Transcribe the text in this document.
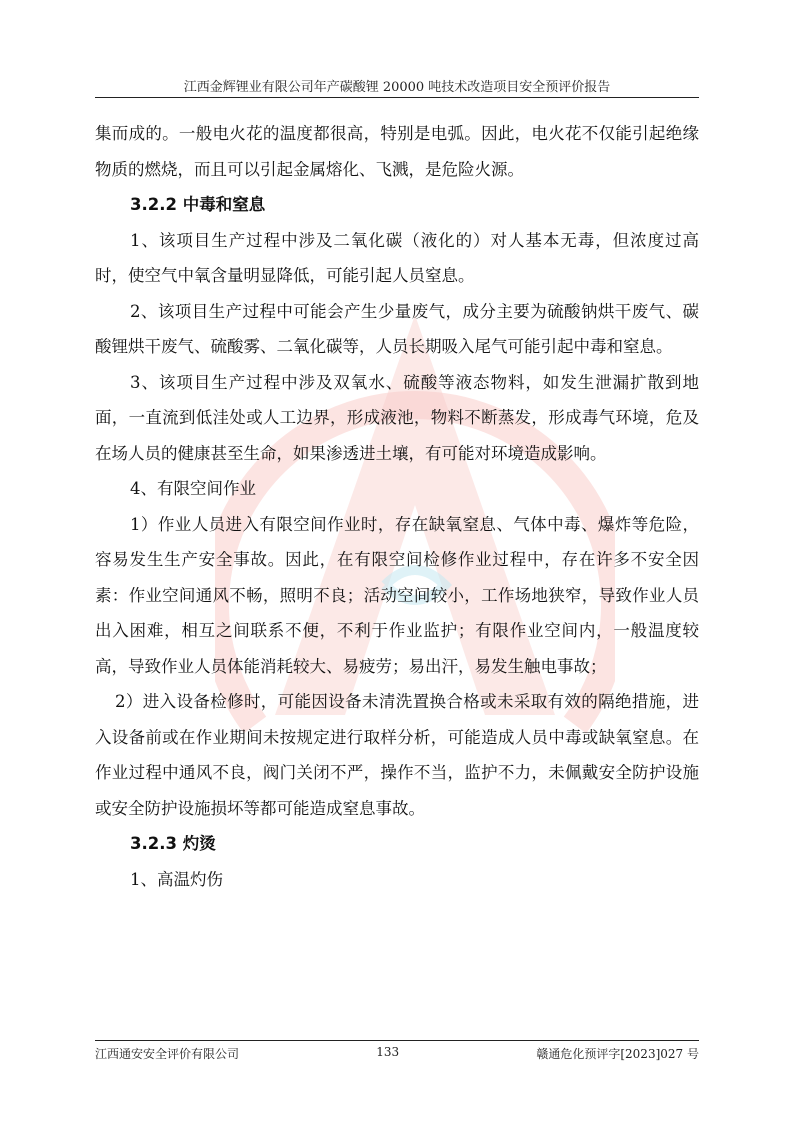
江西金辉锂业有限公司年产碳酸锂 20000 吨技术改造项目安全预评价报告

集而成的。一般电火花的温度都很高，特别是电弧。因此，电火花不仅能引起绝缘物质的燃烧，而且可以引起金属熔化、飞溅，是危险火源。

3.2.2 中毒和窒息

1、该项目生产过程中涉及二氧化碳（液化的）对人基本无毒，但浓度过高时，使空气中氧含量明显降低，可能引起人员窒息。

2、该项目生产过程中可能会产生少量废气，成分主要为硫酸钠烘干废气、碳酸锂烘干废气、硫酸雾、二氧化碳等，人员长期吸入尾气可能引起中毒和窒息。

3、该项目生产过程中涉及双氧水、硫酸等液态物料，如发生泄漏扩散到地面，一直流到低洼处或人工边界，形成液池，物料不断蒸发，形成毒气环境，危及在场人员的健康甚至生命，如果渗透进土壤，有可能对环境造成影响。

4、有限空间作业

1）作业人员进入有限空间作业时，存在缺氧窒息、气体中毒、爆炸等危险，容易发生生产安全事故。因此，在有限空间检修作业过程中，存在许多不安全因素：作业空间通风不畅，照明不良；活动空间较小，工作场地狭窄，导致作业人员出入困难，相互之间联系不便，不利于作业监护；有限作业空间内，一般温度较高，导致作业人员体能消耗较大、易疲劳；易出汗，易发生触电事故；

2）进入设备检修时，可能因设备未清洗置换合格或未采取有效的隔绝措施，进入设备前或在作业期间未按规定进行取样分析，可能造成人员中毒或缺氧窒息。在作业过程中通风不良，阀门关闭不严，操作不当，监护不力，未佩戴安全防护设施或安全防护设施损坏等都可能造成窒息事故。

3.2.3 灼烫

1、高温灼伤

江西通安安全评价有限公司	133	赣通危化预评字[2023]027 号
